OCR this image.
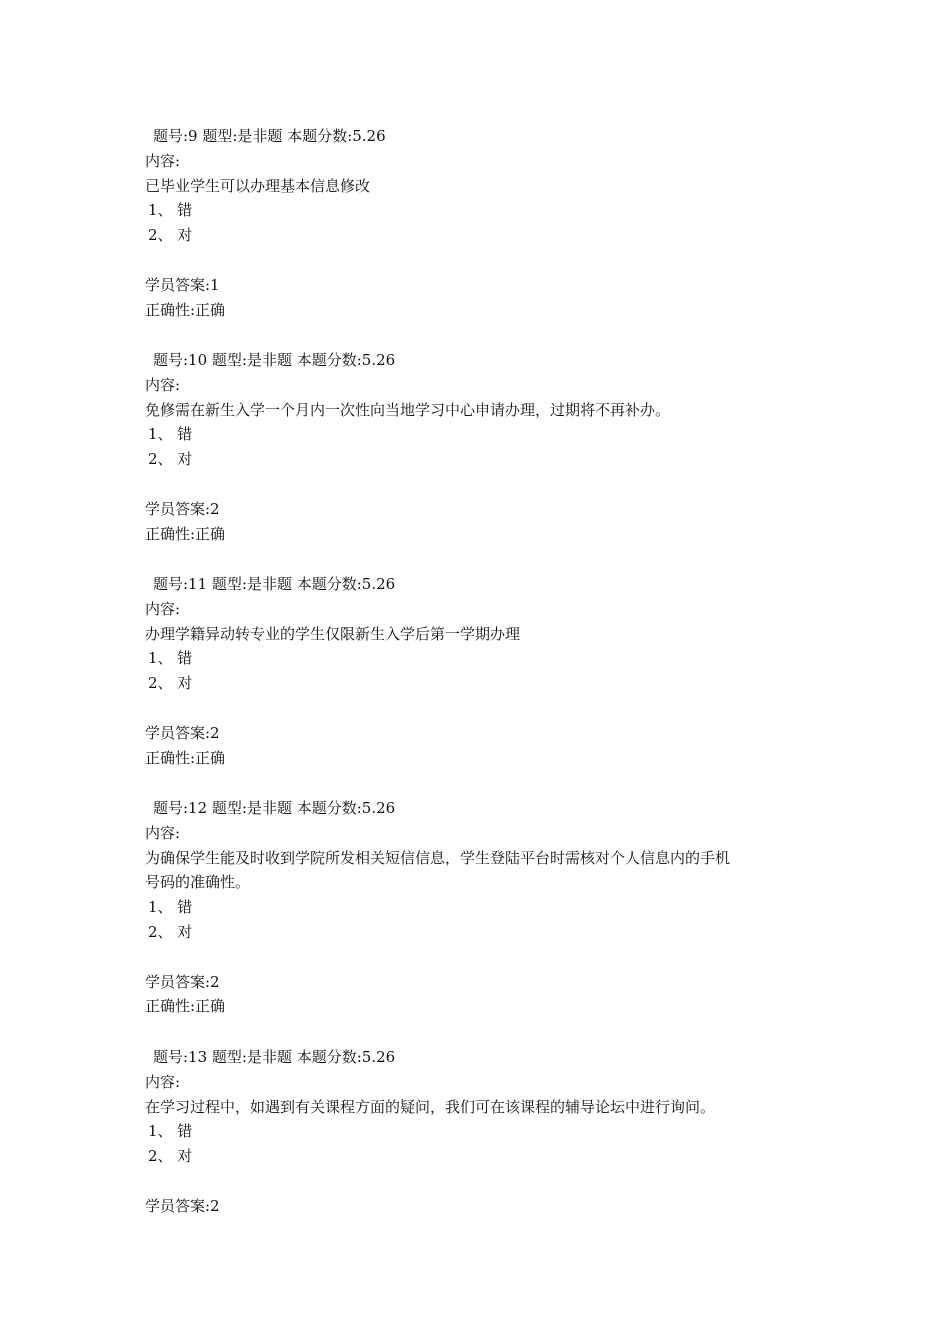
题号:9 题型:是非题 本题分数:5.26
内容:
已毕业学生可以办理基本信息修改
1、 错
2、 对
学员答案:1
正确性:正确
题号:10 题型:是非题 本题分数:5.26
内容:
免修需在新生入学一个月内一次性向当地学习中心申请办理，过期将不再补办。
1、 错
2、 对
学员答案:2
正确性:正确
题号:11 题型:是非题 本题分数:5.26
内容:
办理学籍异动转专业的学生仅限新生入学后第一学期办理
1、 错
2、 对
学员答案:2
正确性:正确
题号:12 题型:是非题 本题分数:5.26
内容:
为确保学生能及时收到学院所发相关短信信息，学生登陆平台时需核对个人信息内的手机
号码的准确性。
1、 错
2、 对
学员答案:2
正确性:正确
题号:13 题型:是非题 本题分数:5.26
内容:
在学习过程中，如遇到有关课程方面的疑问，我们可在该课程的辅导论坛中进行询问。
1、 错
2、 对
学员答案:2
